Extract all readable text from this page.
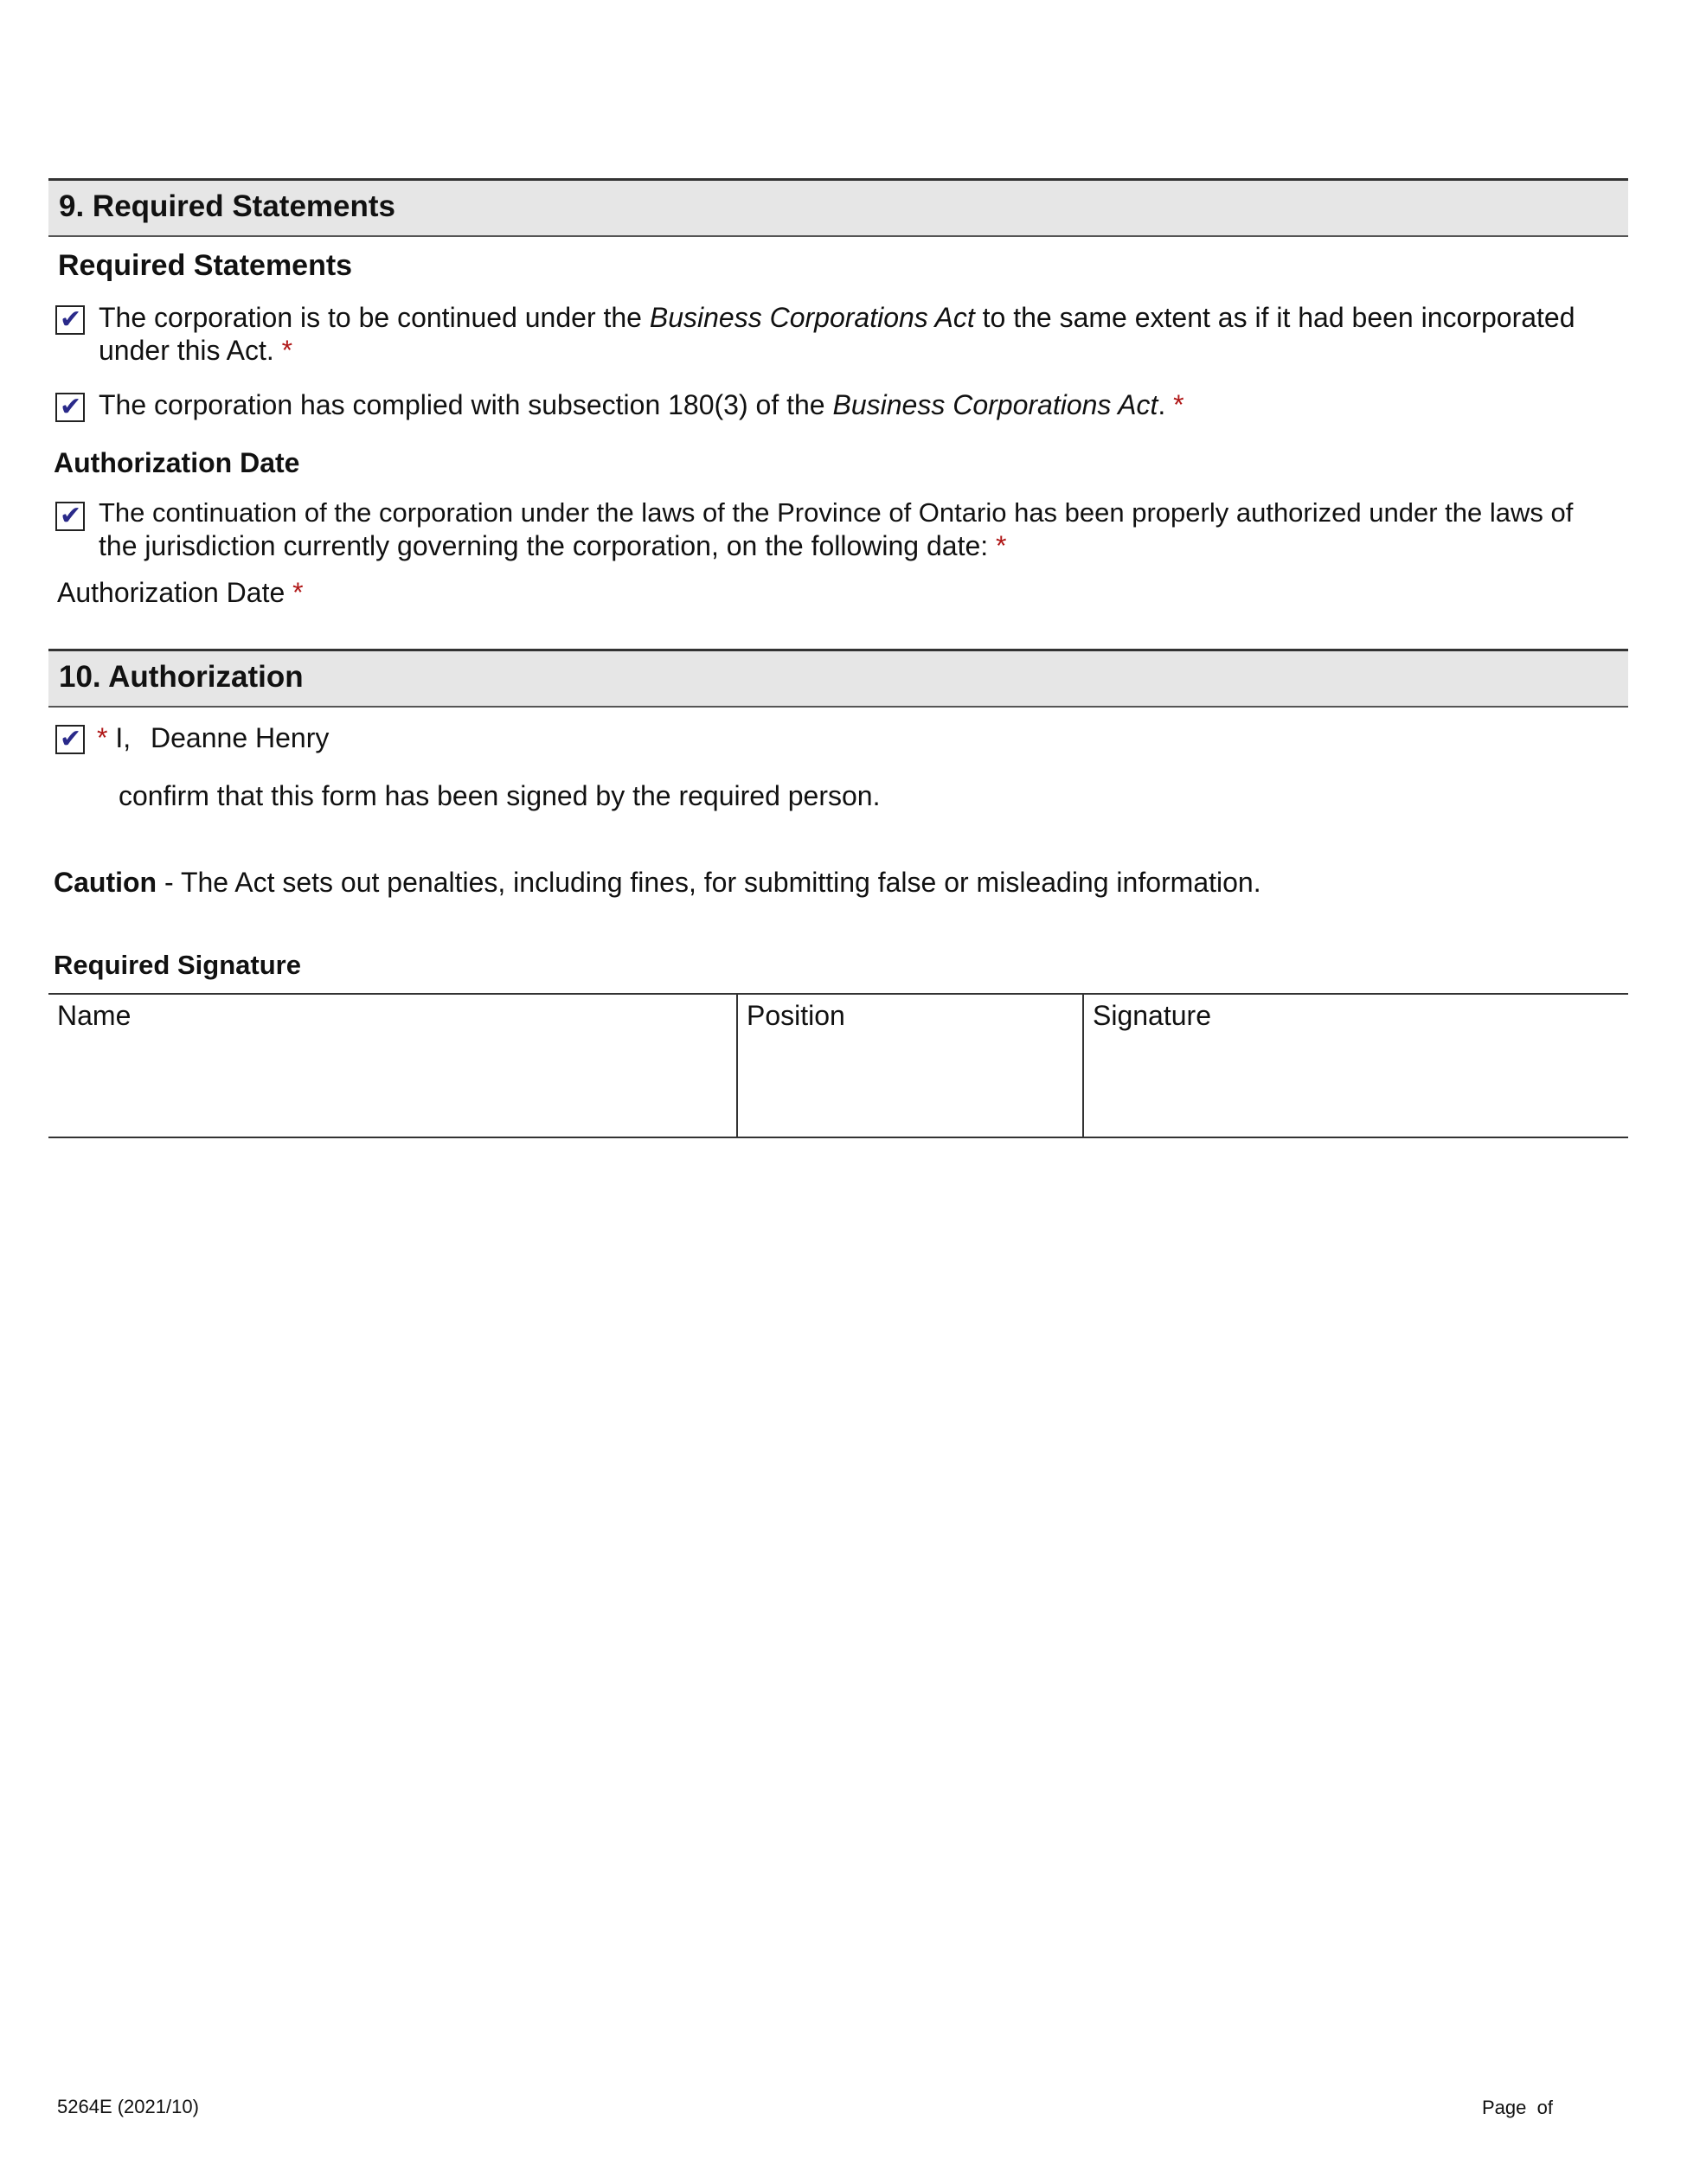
9. Required Statements
Required Statements
✔ The corporation is to be continued under the Business Corporations Act to the same extent as if it had been incorporated
under this Act. *
✔ The corporation has complied with subsection 180(3) of the Business Corporations Act. *
Authorization Date
✔ The continuation of the corporation under the laws of the Province of Ontario has been properly authorized under the laws of
the jurisdiction currently governing the corporation, on the following date: *
Authorization Date *
10. Authorization
✔ * I, Deanne Henry
confirm that this form has been signed by the required person.
Caution - The Act sets out penalties, including fines, for submitting false or misleading information.
Required Signature
Name	Position	Signature
5264E (2021/10)	Page  of
